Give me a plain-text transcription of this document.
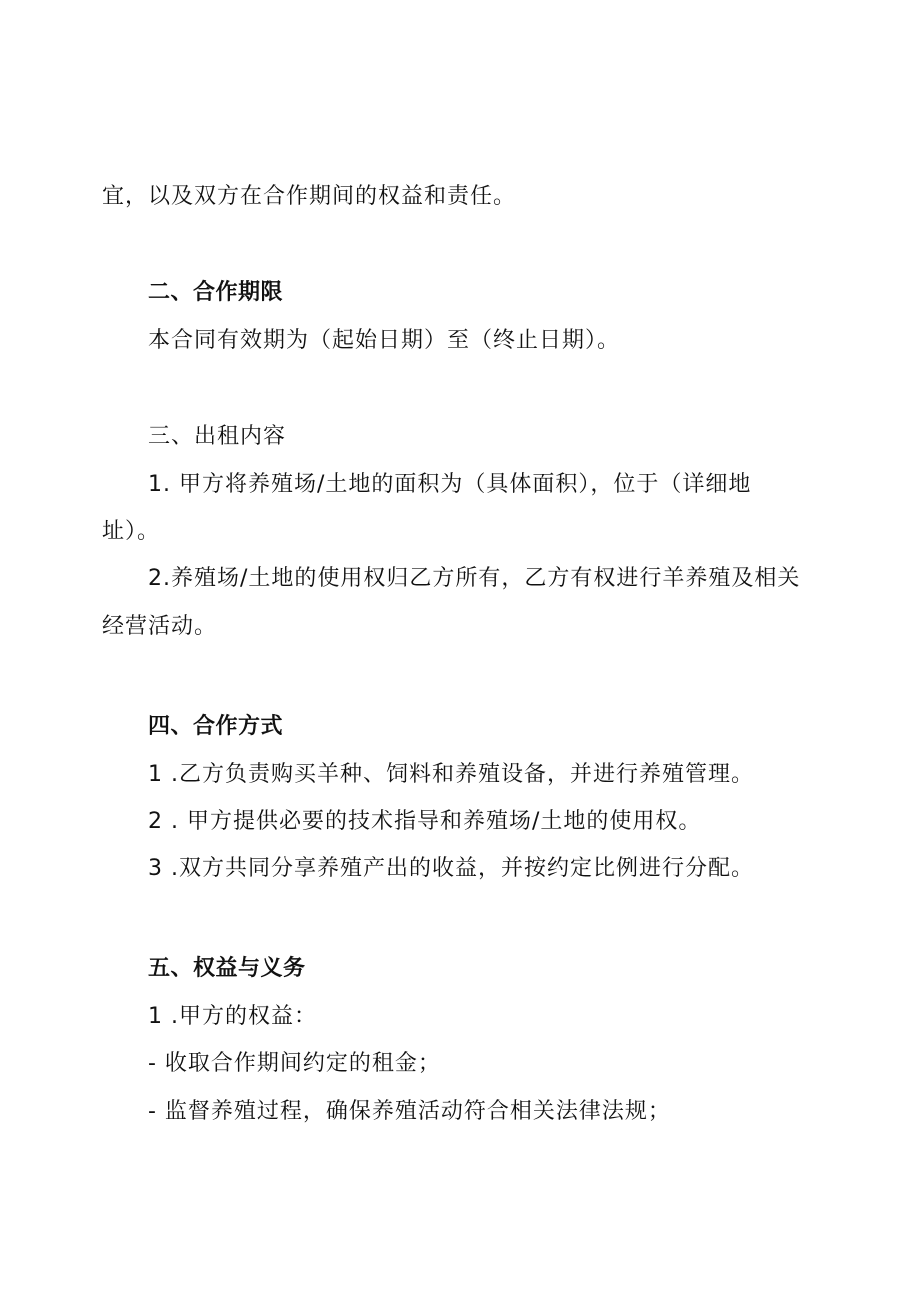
宜，以及双方在合作期间的权益和责任。
二、合作期限
本合同有效期为（起始日期）至（终止日期）。
三、出租内容
1. 甲方将养殖场/土地的面积为（具体面积），位于（详细地
址）。
2.养殖场/土地的使用权归乙方所有，乙方有权进行羊养殖及相关
经营活动。
四、合作方式
1 .乙方负责购买羊种、饲料和养殖设备，并进行养殖管理。
2 . 甲方提供必要的技术指导和养殖场/土地的使用权。
3 .双方共同分享养殖产出的收益，并按约定比例进行分配。
五、权益与义务
1 .甲方的权益：
- 收取合作期间约定的租金；
- 监督养殖过程，确保养殖活动符合相关法律法规；
